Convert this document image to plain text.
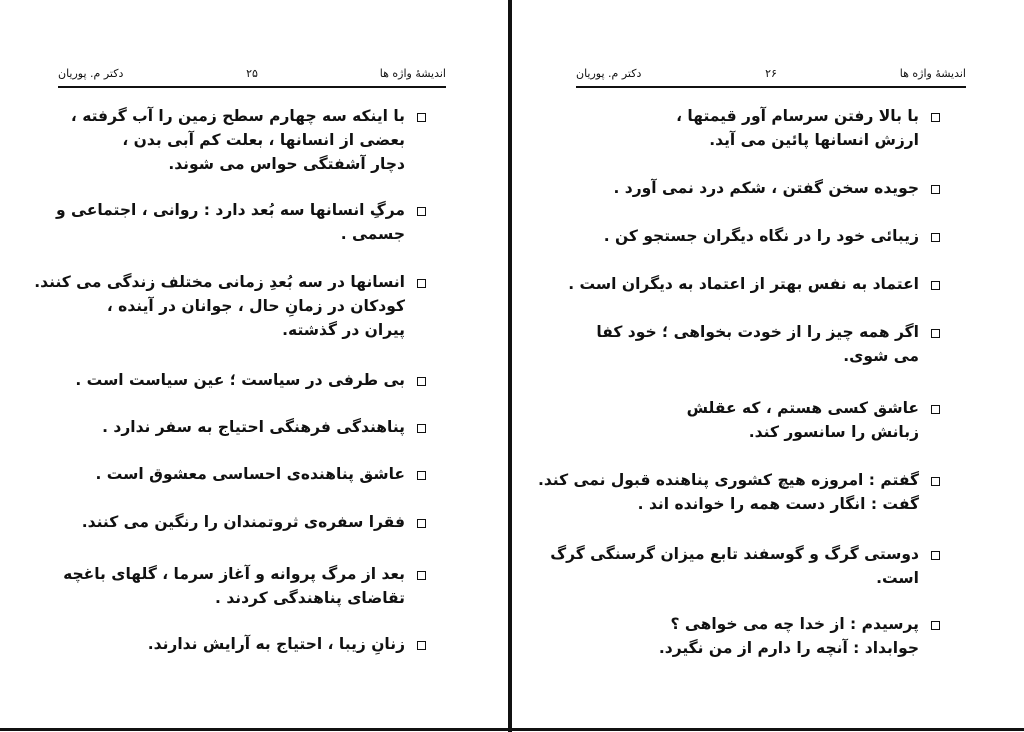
اندیشهٔ واژه ها
۲۵
دکتر م. پوریان
با اینکه سه چهارم سطح زمین را آب گرفته ،
بعضی از انسانها ، بعلت کم آبی بدن ،
دچار آشفتگی حواس می شوند.
مرگِ انسانها سه بُعد دارد : روانی ، اجتماعی و
جسمی .
انسانها در سه بُعدِ زمانی مختلف زندگی می کنند.
کودکان در زمانِ حال ، جوانان در آینده ،
پیران در گذشته.
بی طرفی در سیاست ؛ عین سیاست است .
پناهندگی فرهنگی احتیاج به سفر ندارد .
عاشق پناهنده‌ی احساسی معشوق است .
فقرا سفره‌ی ثروتمندان را رنگین می کنند.
بعد از مرگ پروانه و آغاز سرما ، گلهای باغچه
تقاضای پناهندگی کردند .
زنانِ زیبا ، احتیاج به آرایش ندارند.
اندیشهٔ واژه ها
۲۶
دکتر م. پوریان
با بالا رفتن سرسام آور قیمتها ،
ارزش انسانها پائین می آید.
جویده سخن گفتن ، شکم درد نمی آورد .
زیبائی خود را در نگاه دیگران جستجو کن .
اعتماد به نفس بهتر از اعتماد به دیگران است .
اگر همه چیز را از خودت بخواهی ؛ خود کفا
می شوی.
عاشق کسی هستم ، که عقلش
زبانش را سانسور کند.
گفتم : امروزه هیچ کشوری پناهنده قبول نمی کند.
گفت : انگار دست همه را خوانده اند .
دوستی گرگ و گوسفند تابع میزان گرسنگی گرگ
است.
پرسیدم : از خدا چه می خواهی ؟
جوابداد : آنچه را دارم از من نگیرد.
